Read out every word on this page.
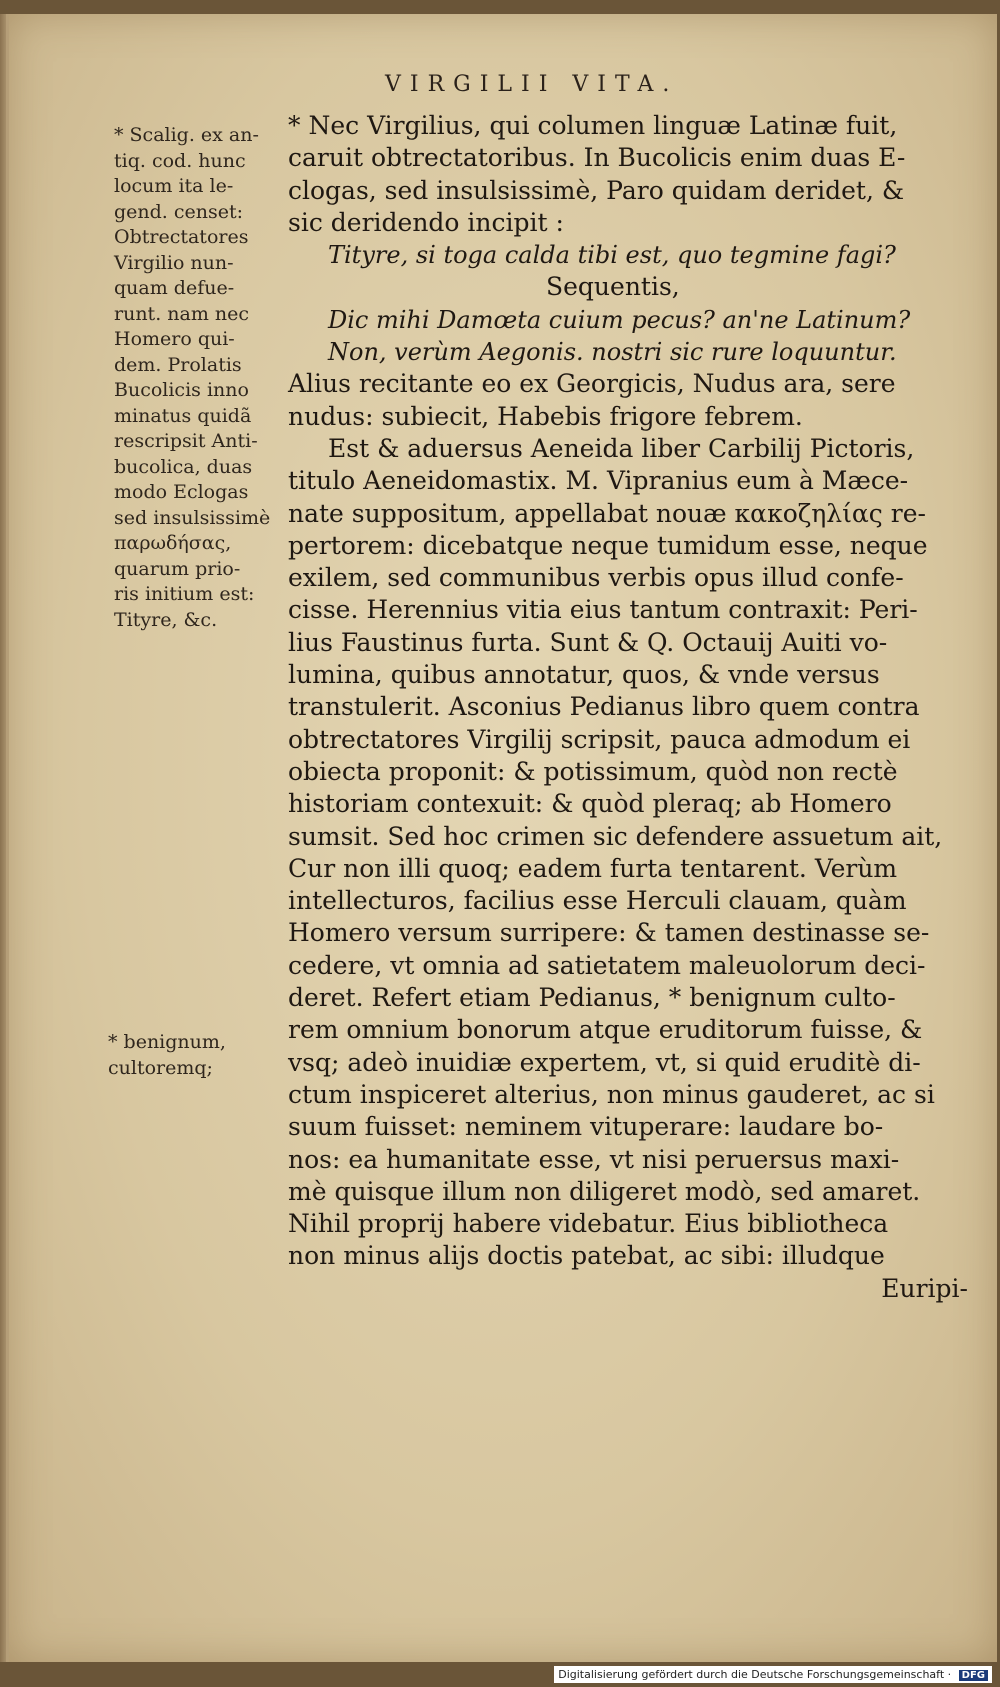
VIRGILII VITA.
* Scalig. ex an-
tiq. cod. hunc
locum ita le-
gend. censet:
Obtrectatores
Virgilio nun-
quam defue-
runt. nam nec
Homero qui-
dem. Prolatis
Bucolicis inno
minatus quidã
rescripsit Anti-
bucolica, duas
modo Eclogas
sed insulsissimè
παρωδήσας,
quarum prio-
ris initium est:
Tityre, &c.
* benignum,
cultoremq;
* Nec Virgilius, qui columen linguæ Latinæ fuit,
caruit obtrectatoribus. In Bucolicis enim duas E-
clogas, sed insulsissimè, Paro quidam deridet, &
sic deridendo incipit :
Tityre, si toga calda tibi est, quo tegmine fagi?
Sequentis,
Dic mihi Damœta cuium pecus? an'ne Latinum?
Non, verùm Aegonis. nostri sic rure loquuntur.
Alius recitante eo ex Georgicis, Nudus ara, sere
nudus: subiecit, Habebis frigore febrem.
Est & aduersus Aeneida liber Carbilij Pictoris,
titulo Aeneidomastix. M. Vipranius eum à Mæce-
nate suppositum, appellabat nouæ κακοζηλίας re-
pertorem: dicebatque neque tumidum esse, neque
exilem, sed communibus verbis opus illud confe-
cisse. Herennius vitia eius tantum contraxit: Peri-
lius Faustinus furta. Sunt & Q. Octauij Auiti vo-
lumina, quibus annotatur, quos, & vnde versus
transtulerit. Asconius Pedianus libro quem contra
obtrectatores Virgilij scripsit, pauca admodum ei
obiecta proponit: & potissimum, quòd non rectè
historiam contexuit: & quòd pleraq; ab Homero
sumsit. Sed hoc crimen sic defendere assuetum ait,
Cur non illi quoq; eadem furta tentarent. Verùm
intellecturos, facilius esse Herculi clauam, quàm
Homero versum surripere: & tamen destinasse se-
cedere, vt omnia ad satietatem maleuolorum deci-
deret. Refert etiam Pedianus, * benignum culto-
rem omnium bonorum atque eruditorum fuisse, &
vsq; adeò inuidiæ expertem, vt, si quid eruditè di-
ctum inspiceret alterius, non minus gauderet, ac si
suum fuisset: neminem vituperare: laudare bo-
nos: ea humanitate esse, vt nisi peruersus maxi-
mè quisque illum non diligeret modò, sed amaret.
Nihil proprij habere videbatur. Eius bibliotheca
non minus alijs doctis patebat, ac sibi: illudque
Euripi-
Digitalisierung gefördert durch die Deutsche Forschungsgemeinschaft · DFG
